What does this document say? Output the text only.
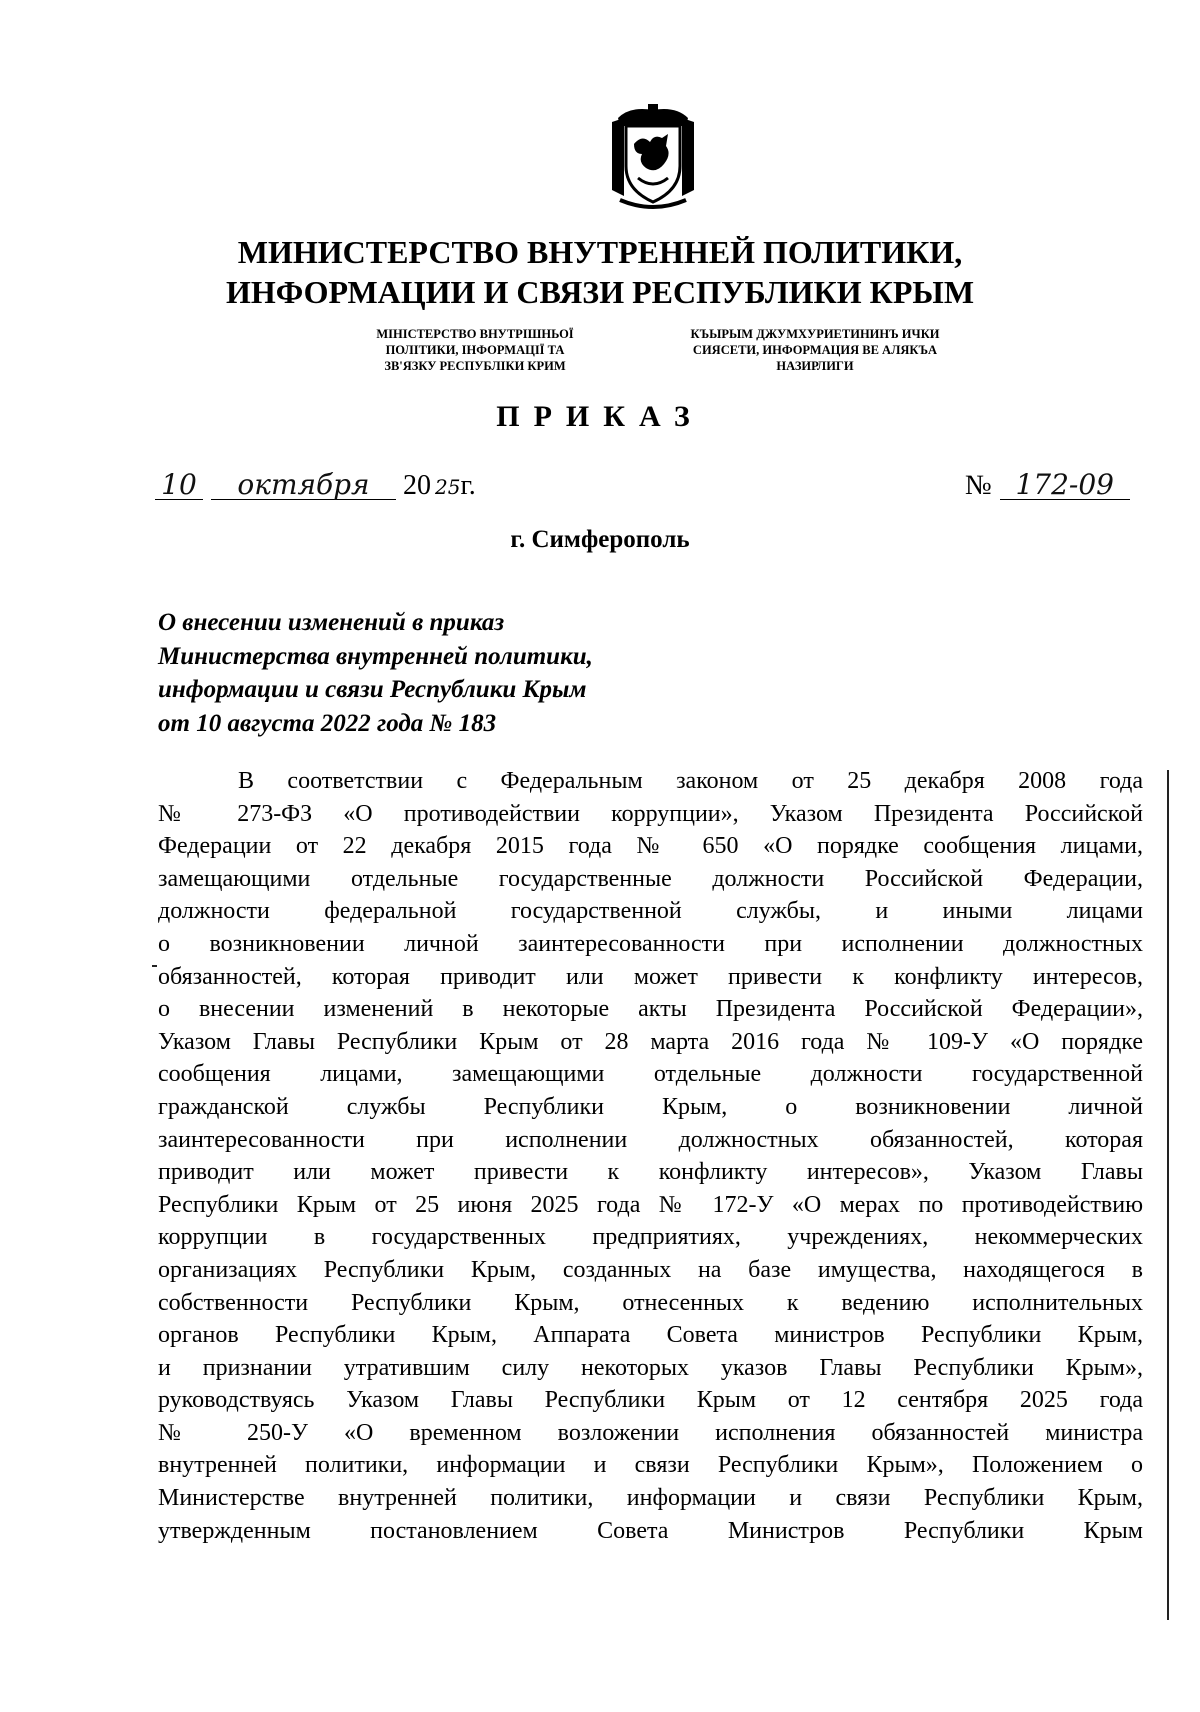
МИНИСТЕРСТВО ВНУТРЕННЕЙ ПОЛИТИКИ,
ИНФОРМАЦИИ И СВЯЗИ РЕСПУБЛИКИ КРЫМ
МІНІСТЕРСТВО ВНУТРІШНЬОЇ
ПОЛІТИКИ, ІНФОРМАЦІЇ ТА
ЗВ'ЯЗКУ РЕСПУБЛІКИ КРИМ
КЪЫРЫМ ДЖУМХУРИЕТИНИНЪ ИЧКИ
СИЯСЕТИ, ИНФОРМАЦИЯ ВЕ АЛЯКЪА
НАЗИРЛИГИ
ПРИКАЗ
10 октября 20 25г.	№ 172-09
г. Симферополь
О внесении изменений в приказ
Министерства внутренней политики,
информации и связи Республики Крым
от 10 августа 2022 года № 183
В соответствии с Федеральным законом от 25 декабря 2008 года
№ 273-ФЗ «О противодействии коррупции», Указом Президента Российской
Федерации от 22 декабря 2015 года № 650 «О порядке сообщения лицами,
замещающими отдельные государственные должности Российской Федерации,
должности федеральной государственной службы, и иными лицами
о возникновении личной заинтересованности при исполнении должностных
обязанностей, которая приводит или может привести к конфликту интересов,
о внесении изменений в некоторые акты Президента Российской Федерации»,
Указом Главы Республики Крым от 28 марта 2016 года № 109-У «О порядке
сообщения лицами, замещающими отдельные должности государственной
гражданской службы Республики Крым, о возникновении личной
заинтересованности при исполнении должностных обязанностей, которая
приводит или может привести к конфликту интересов», Указом Главы
Республики Крым от 25 июня 2025 года № 172-У «О мерах по противодействию
коррупции в государственных предприятиях, учреждениях, некоммерческих
организациях Республики Крым, созданных на базе имущества, находящегося в
собственности Республики Крым, отнесенных к ведению исполнительных
органов Республики Крым, Аппарата Совета министров Республики Крым,
и признании утратившим силу некоторых указов Главы Республики Крым»,
руководствуясь Указом Главы Республики Крым от 12 сентября 2025 года
№ 250-У «О временном возложении исполнения обязанностей министра
внутренней политики, информации и связи Республики Крым», Положением о
Министерстве внутренней политики, информации и связи Республики Крым,
утвержденным постановлением Совета Министров Республики Крым
